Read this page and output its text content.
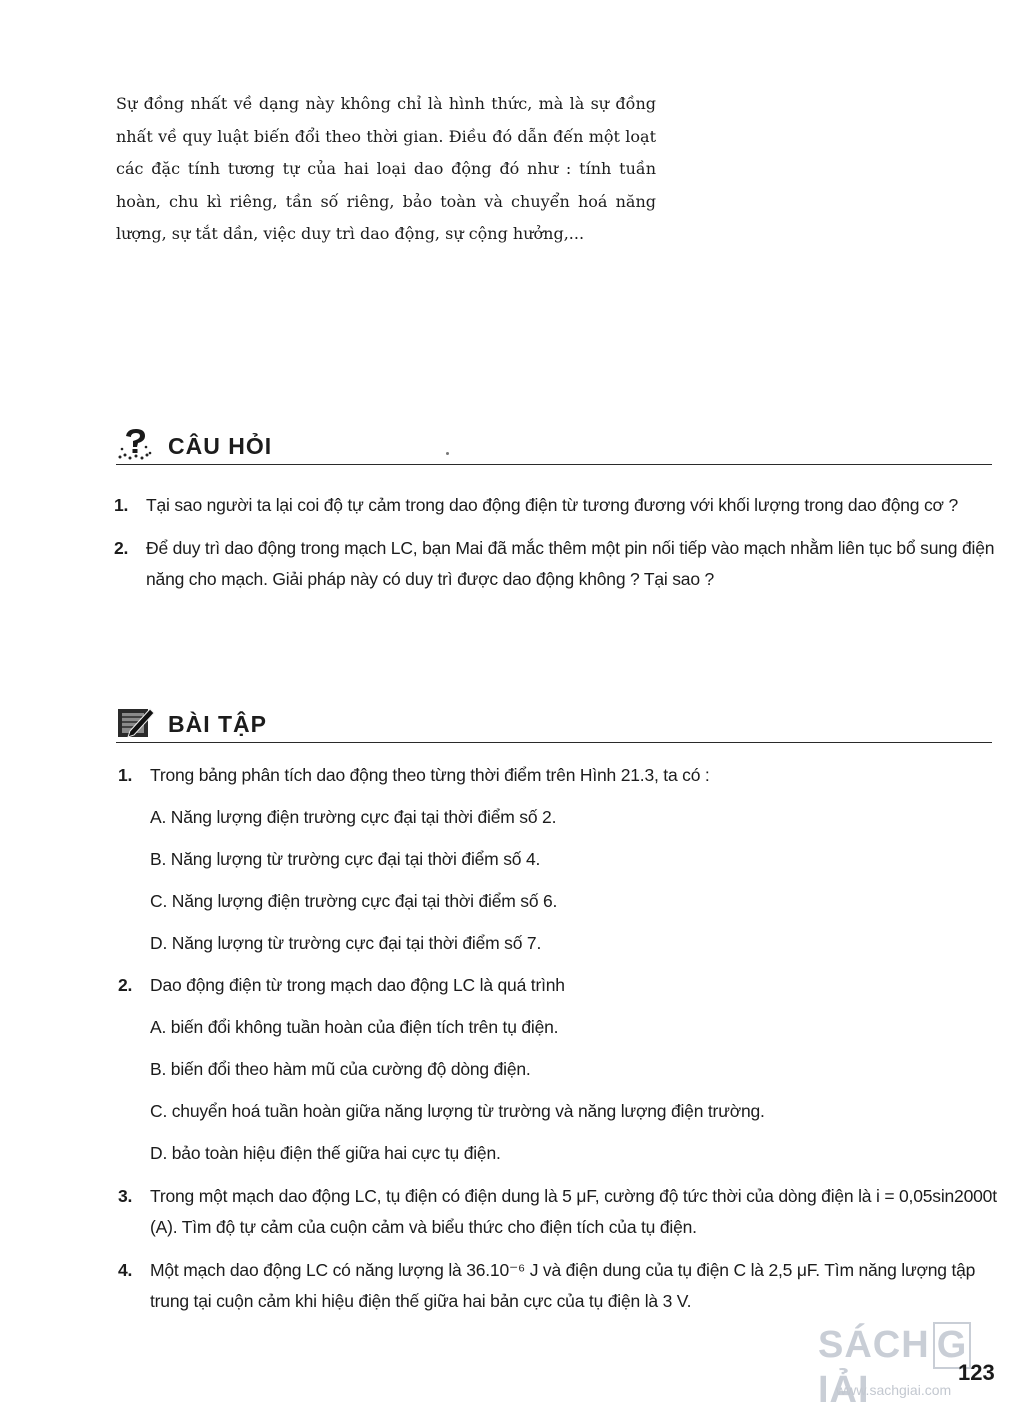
Sự đồng nhất về dạng này không chỉ là hình thức, mà là sự đồng nhất về quy luật biến đổi theo thời gian. Điều đó dẫn đến một loạt các đặc tính tương tự của hai loại dao động đó như : tính tuần hoàn, chu kì riêng, tần số riêng, bảo toàn và chuyển hoá năng lượng, sự tắt dần, việc duy trì dao động, sự cộng hưởng,...

CÂU HỎI
1. Tại sao người ta lại coi độ tự cảm trong dao động điện từ tương đương với khối lượng trong dao động cơ ?
2. Để duy trì dao động trong mạch LC, bạn Mai đã mắc thêm một pin nối tiếp vào mạch nhằm liên tục bổ sung điện năng cho mạch. Giải pháp này có duy trì được dao động không ? Tại sao ?
BÀI TẬP
1. Trong bảng phân tích dao động theo từng thời điểm trên Hình 21.3, ta có :
A. Năng lượng điện trường cực đại tại thời điểm số 2.
B. Năng lượng từ trường cực đại tại thời điểm số 4.
C. Năng lượng điện trường cực đại tại thời điểm số 6.
D. Năng lượng từ trường cực đại tại thời điểm số 7.
2. Dao động điện từ trong mạch dao động LC là quá trình
A. biến đổi không tuần hoàn của điện tích trên tụ điện.
B. biến đổi theo hàm mũ của cường độ dòng điện.
C. chuyển hoá tuần hoàn giữa năng lượng từ trường và năng lượng điện trường.
D. bảo toàn hiệu điện thế giữa hai cực tụ điện.
3. Trong một mạch dao động LC, tụ điện có điện dung là 5 μF, cường độ tức thời của dòng điện là i = 0,05sin2000t (A). Tìm độ tự cảm của cuộn cảm và biểu thức cho điện tích của tụ điện.
4. Một mạch dao động LC có năng lượng là 36.10⁻⁶ J và điện dung của tụ điện C là 2,5 μF. Tìm năng lượng tập trung tại cuộn cảm khi hiệu điện thế giữa hai bản cực của tụ điện là 3 V.
SÁCH GIẢI
www.sachgiai.com
123
